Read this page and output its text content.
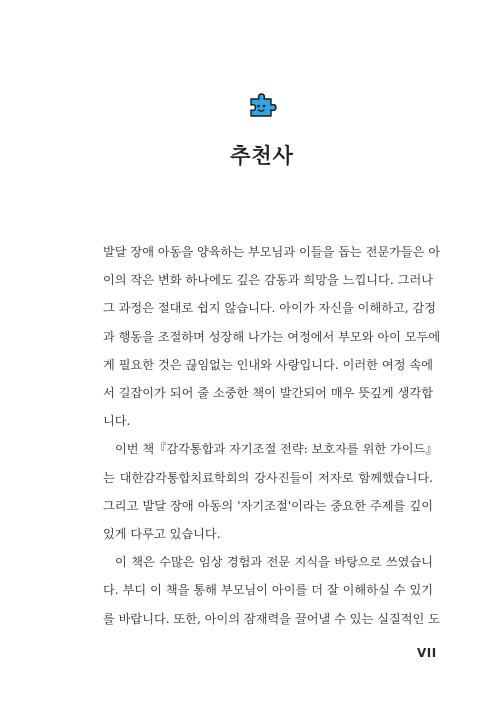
추천사
발달 장애 아동을 양육하는 부모님과 이들을 돕는 전문가들은 아
이의 작은 변화 하나에도 깊은 감동과 희망을 느낍니다. 그러나
그 과정은 절대로 쉽지 않습니다. 아이가 자신을 이해하고, 감정
과 행동을 조절하며 성장해 나가는 여정에서 부모와 아이 모두에
게 필요한 것은 끊임없는 인내와 사랑입니다. 이러한 여정 속에
서 길잡이가 되어 줄 소중한 책이 발간되어 매우 뜻깊게 생각합
니다.
이번 책『감각통합과 자기조절 전략: 보호자를 위한 가이드』
는 대한감각통합치료학회의 강사진들이 저자로 함께했습니다.
그리고 발달 장애 아동의 '자기조절'이라는 중요한 주제를 깊이
있게 다루고 있습니다.
이 책은 수많은 임상 경험과 전문 지식을 바탕으로 쓰였습니
다. 부디 이 책을 통해 부모님이 아이를 더 잘 이해하실 수 있기
를 바랍니다. 또한, 아이의 잠재력을 끌어낼 수 있는 실질적인 도
VII
